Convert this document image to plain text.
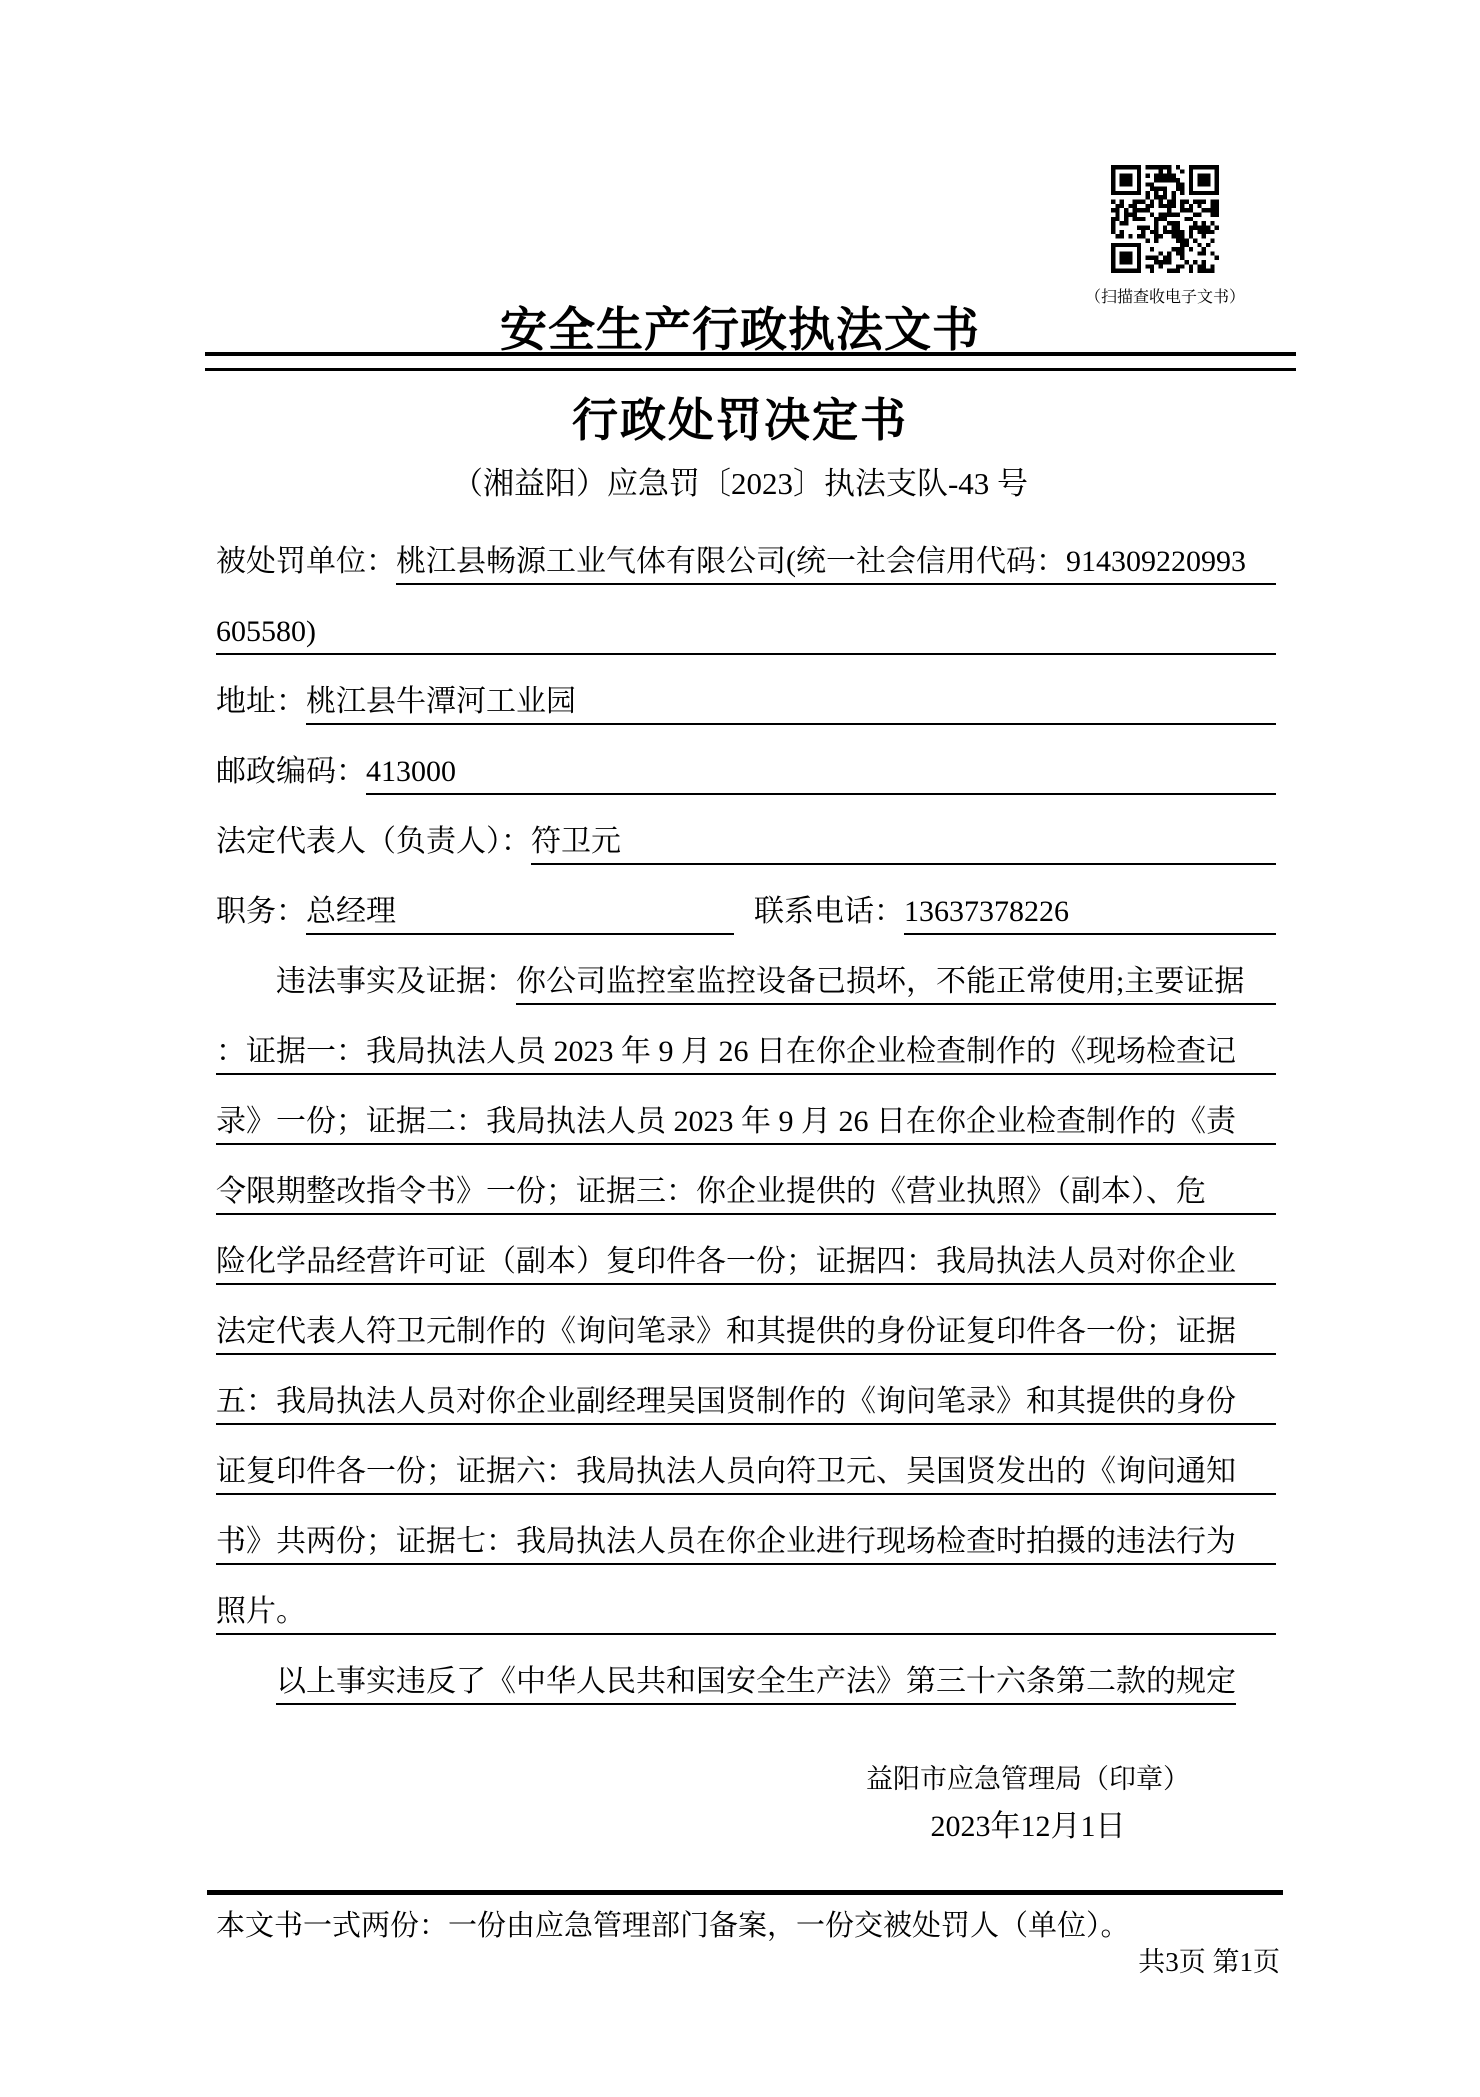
（扫描查收电子文书）
安全生产行政执法文书
行政处罚决定书
（湘益阳）应急罚〔2023〕执法支队-43 号
被处罚单位： 桃江县畅源工业气体有限公司(统一社会信用代码：914309220993
605580)
地址： 桃江县牛潭河工业园
邮政编码： 413000
法定代表人（负责人）： 符卫元
职务： 总经理	联系电话： 13637378226
违法事实及证据： 你公司监控室监控设备已损坏，不能正常使用;主要证据
：证据一：我局执法人员 2023 年 9 月 26 日在你企业检查制作的《现场检查记
录》一份；证据二：我局执法人员 2023 年 9 月 26 日在你企业检查制作的《责
令限期整改指令书》一份；证据三：你企业提供的《营业执照》（副本）、危
险化学品经营许可证（副本）复印件各一份；证据四：我局执法人员对你企业
法定代表人符卫元制作的《询问笔录》和其提供的身份证复印件各一份；证据
五：我局执法人员对你企业副经理吴国贤制作的《询问笔录》和其提供的身份
证复印件各一份；证据六：我局执法人员向符卫元、吴国贤发出的《询问通知
书》共两份；证据七：我局执法人员在你企业进行现场检查时拍摄的违法行为
照片。
以上事实违反了《中华人民共和国安全生产法》第三十六条第二款的规定
益阳市应急管理局（印章）
2023年12月1日
本文书一式两份：一份由应急管理部门备案，一份交被处罚人（单位）。
共3页 第1页
